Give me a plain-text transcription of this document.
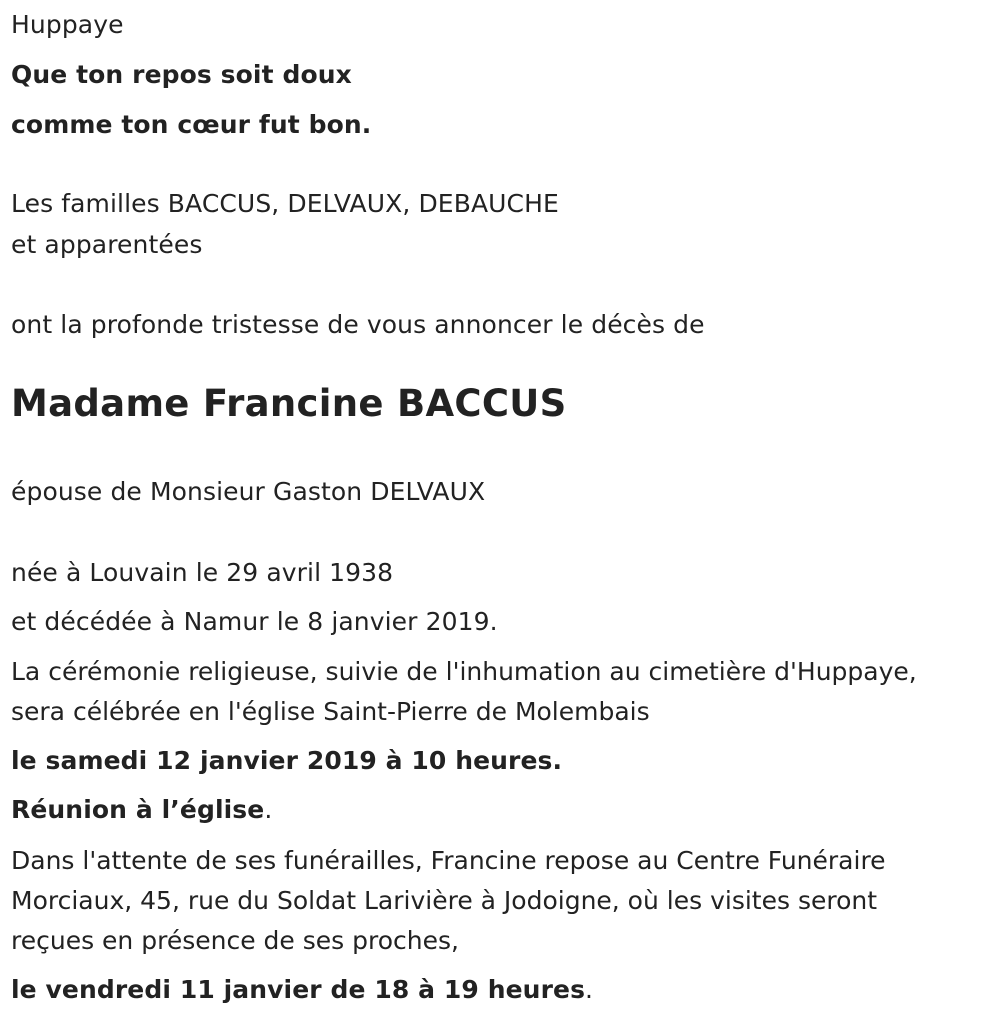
Huppaye
Que ton repos soit doux
comme ton cœur fut bon.
Les familles BACCUS, DELVAUX, DEBAUCHE
et apparentées
ont la profonde tristesse de vous annoncer le décès de
Madame Francine BACCUS
épouse de Monsieur Gaston DELVAUX
née à Louvain le 29 avril 1938
et décédée à Namur le 8 janvier 2019.
La cérémonie religieuse, suivie de l'inhumation au cimetière d'Huppaye,
sera célébrée en l'église Saint-Pierre de Molembais
le samedi 12 janvier 2019 à 10 heures.
Réunion à l’église.
Dans l'attente de ses funérailles, Francine repose au Centre Funéraire
Morciaux, 45, rue du Soldat Larivière à Jodoigne, où les visites seront
reçues en présence de ses proches,
le vendredi 11 janvier de 18 à 19 heures.
